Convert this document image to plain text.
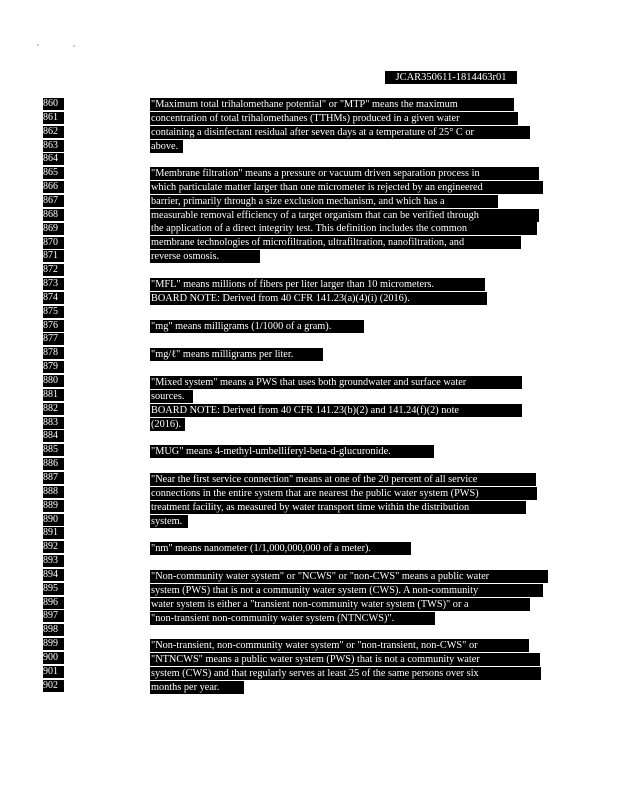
JCAR350611-1814463r01
860
861
862
863
864
865
866
867
868
869
870
871
872
873
874
875
876
877
878
879
880
881
882
883
884
885
886
887
888
889
890
891
892
893
894
895
896
897
898
899
900
901
902
"Maximum total trihalomethane potential" or "MTP" means the maximum
concentration of total trihalomethanes (TTHMs) produced in a given water
containing a disinfectant residual after seven days at a temperature of 25° C or
above.
"Membrane filtration" means a pressure or vacuum driven separation process in
which particulate matter larger than one micrometer is rejected by an engineered
barrier, primarily through a size exclusion mechanism, and which has a
measurable removal efficiency of a target organism that can be verified through
the application of a direct integrity test. This definition includes the common
membrane technologies of microfiltration, ultrafiltration, nanofiltration, and
reverse osmosis.
"MFL" means millions of fibers per liter larger than 10 micrometers.
BOARD NOTE: Derived from 40 CFR 141.23(a)(4)(i) (2016).
"mg" means milligrams (1/1000 of a gram).
"mg/ℓ" means milligrams per liter.
"Mixed system" means a PWS that uses both groundwater and surface water
sources.
BOARD NOTE: Derived from 40 CFR 141.23(b)(2) and 141.24(f)(2) note
(2016).
"MUG" means 4-methyl-umbelliferyl-beta-d-glucuronide.
"Near the first service connection" means at one of the 20 percent of all service
connections in the entire system that are nearest the public water system (PWS)
treatment facility, as measured by water transport time within the distribution
system.
"nm" means nanometer (1/1,000,000,000 of a meter).
"Non-community water system" or "NCWS" or "non-CWS" means a public water
system (PWS) that is not a community water system (CWS). A non-community
water system is either a "transient non-community water system (TWS)" or a
"non-transient non-community water system (NTNCWS)".
"Non-transient, non-community water system" or "non-transient, non-CWS" or
"NTNCWS" means a public water system (PWS) that is not a community water
system (CWS) and that regularly serves at least 25 of the same persons over six
months per year.
